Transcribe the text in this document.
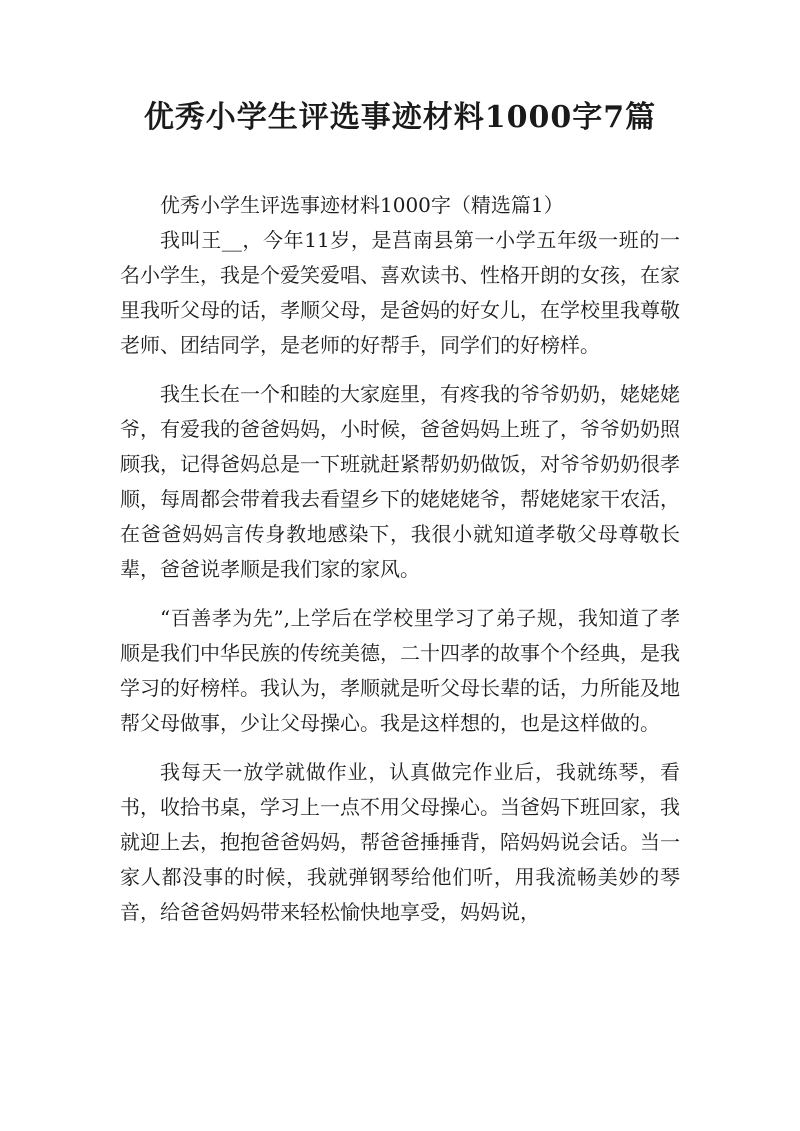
优秀小学生评选事迹材料1000字7篇

优秀小学生评选事迹材料1000字（精选篇1）

我叫王__，今年11岁，是莒南县第一小学五年级一班的一名小学生，我是个爱笑爱唱、喜欢读书、性格开朗的女孩，在家里我听父母的话，孝顺父母，是爸妈的好女儿，在学校里我尊敬老师、团结同学，是老师的好帮手，同学们的好榜样。

我生长在一个和睦的大家庭里，有疼我的爷爷奶奶，姥姥姥爷，有爱我的爸爸妈妈，小时候，爸爸妈妈上班了，爷爷奶奶照顾我，记得爸妈总是一下班就赶紧帮奶奶做饭，对爷爷奶奶很孝顺，每周都会带着我去看望乡下的姥姥姥爷，帮姥姥家干农活，在爸爸妈妈言传身教地感染下，我很小就知道孝敬父母尊敬长辈，爸爸说孝顺是我们家的家风。

“百善孝为先”,上学后在学校里学习了弟子规，我知道了孝顺是我们中华民族的传统美德，二十四孝的故事个个经典，是我学习的好榜样。我认为，孝顺就是听父母长辈的话，力所能及地帮父母做事，少让父母操心。我是这样想的，也是这样做的。

我每天一放学就做作业，认真做完作业后，我就练琴，看书，收拾书桌，学习上一点不用父母操心。当爸妈下班回家，我就迎上去，抱抱爸爸妈妈，帮爸爸捶捶背，陪妈妈说会话。当一家人都没事的时候，我就弹钢琴给他们听，用我流畅美妙的琴音，给爸爸妈妈带来轻松愉快地享受，妈妈说，
